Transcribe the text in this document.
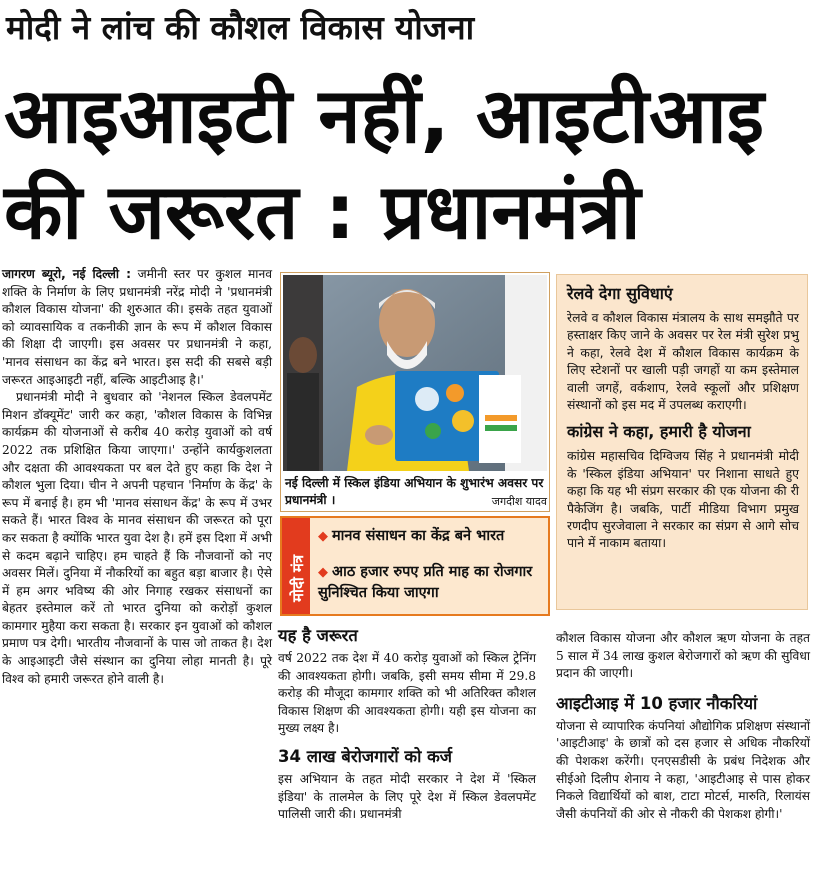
मोदी ने लांच की कौशल विकास योजना
आइआइटी नहीं, आइटीआइ
की जरूरत : प्रधानमंत्री

जागरण ब्यूरो, नई दिल्ली : जमीनी स्तर पर कुशल मानव शक्ति के निर्माण के लिए प्रधानमंत्री नरेंद्र मोदी ने 'प्रधानमंत्री कौशल विकास योजना' की शुरुआत की। इसके तहत युवाओं को व्यावसायिक व तकनीकी ज्ञान के रूप में कौशल विकास की शिक्षा दी जाएगी। इस अवसर पर प्रधानमंत्री ने कहा, 'मानव संसाधन का केंद्र बने भारत। इस सदी की सबसे बड़ी जरूरत आइआइटी नहीं, बल्कि आइटीआइ है।'

प्रधानमंत्री मोदी ने बुधवार को 'नेशनल स्किल डेवलपमेंट मिशन डॉक्यूमेंट' जारी कर कहा, 'कौशल विकास के विभिन्न कार्यक्रम की योजनाओं से करीब 40 करोड़ युवाओं को वर्ष 2022 तक प्रशिक्षित किया जाएगा।' उन्होंने कार्यकुशलता और दक्षता की आवश्यकता पर बल देते हुए कहा कि देश ने कौशल भुला दिया। चीन ने अपनी पहचान 'निर्माण के केंद्र' के रूप में बनाई है। हम भी 'मानव संसाधन केंद्र' के रूप में उभर सकते हैं। भारत विश्व के मानव संसाधन की जरूरत को पूरा कर सकता है क्योंकि भारत युवा देश है। हमें इस दिशा में अभी से कदम बढ़ाने चाहिए। हम चाहते हैं कि नौजवानों को नए अवसर मिलें। दुनिया में नौकरियों का बहुत बड़ा बाजार है। ऐसे में हम अगर भविष्य की ओर निगाह रखकर संसाधनों का बेहतर इस्तेमाल करें तो भारत दुनिया को करोड़ों कुशल कामगार मुहैया करा सकता है। सरकार इन युवाओं को कौशल प्रमाण पत्र देगी। भारतीय नौजवानों के पास जो ताकत है। देश के आइआइटी जैसे संस्थान का दुनिया लोहा मानती है। पूरे विश्व को हमारी जरूरत होने वाली है।

नई दिल्ली में स्किल इंडिया अभियान के शुभारंभ अवसर पर प्रधानमंत्री ।	जगदीश यादव
मोदी मंत्र
◆ मानव संसाधन का केंद्र बने भारत
◆ आठ हजार रुपए प्रति माह का रोजगार सुनिश्चित किया जाएगा
रेलवे देगा सुविधाएं
रेलवे व कौशल विकास मंत्रालय के साथ समझौते पर हस्ताक्षर किए जाने के अवसर पर रेल मंत्री सुरेश प्रभु ने कहा, रेलवे देश में कौशल विकास कार्यक्रम के लिए स्टेशनों पर खाली पड़ी जगहों या कम इस्तेमाल वाली जगहें, वर्कशाप, रेलवे स्कूलों और प्रशिक्षण संस्थानों को इस मद में उपलब्ध कराएगी।
कांग्रेस ने कहा, हमारी है योजना
कांग्रेस महासचिव दिग्विजय सिंह ने प्रधानमंत्री मोदी के 'स्किल इंडिया अभियान' पर निशाना साधते हुए कहा कि यह भी संप्रग सरकार की एक योजना की री पैकेजिंग है। जबकि, पार्टी मीडिया विभाग प्रमुख रणदीप सुरजेवाला ने सरकार का संप्रग से आगे सोच पाने में नाकाम बताया।
यह है जरूरत

वर्ष 2022 तक देश में 40 करोड़ युवाओं को स्किल ट्रेनिंग की आवश्यकता होगी। जबकि, इसी समय सीमा में 29.8 करोड़ की मौजूदा कामगार शक्ति को भी अतिरिक्त कौशल विकास शिक्षण की आवश्यकता होगी। यही इस योजना का मुख्य लक्ष्य है।

34 लाख बेरोजगारों को कर्ज

इस अभियान के तहत मोदी सरकार ने देश में 'स्किल इंडिया' के तालमेल के लिए पूरे देश में स्किल डेवलपमेंट पालिसी जारी की। प्रधानमंत्री

कौशल विकास योजना और कौशल ऋण योजना के तहत 5 साल में 34 लाख कुशल बेरोजगारों को ऋण की सुविधा प्रदान की जाएगी।

आइटीआइ में 10 हजार नौकरियां

योजना से व्यापारिक कंपनियां औद्योगिक प्रशिक्षण संस्थानों 'आइटीआइ' के छात्रों को दस हजार से अधिक नौकरियों की पेशकश करेंगी। एनएसडीसी के प्रबंध निदेशक और सीईओ दिलीप शेनाय ने कहा, 'आइटीआइ से पास होकर निकले विद्यार्थियों को बाश, टाटा मोटर्स, मारुति, रिलायंस जैसी कंपनियों की ओर से नौकरी की पेशकश होगी।'
